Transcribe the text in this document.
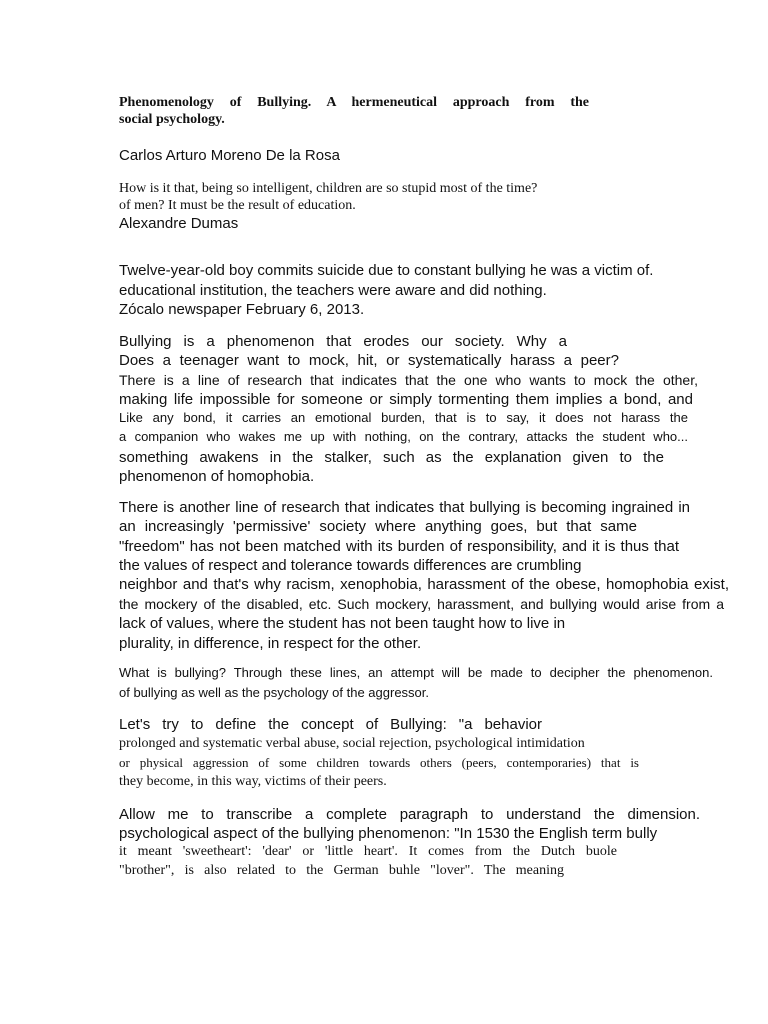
Phenomenology of Bullying. A hermeneutical approach from the
social psychology.
Carlos Arturo Moreno De la Rosa
How is it that, being so intelligent, children are so stupid most of the time?
of men? It must be the result of education.
Alexandre Dumas
Twelve-year-old boy commits suicide due to constant bullying he was a victim of.
educational institution, the teachers were aware and did nothing.
Zócalo newspaper February 6, 2013.
Bullying is a phenomenon that erodes our society. Why a
Does a teenager want to mock, hit, or systematically harass a peer?
There is a line of research that indicates that the one who wants to mock the other,
making life impossible for someone or simply tormenting them implies a bond, and
Like any bond, it carries an emotional burden, that is to say, it does not harass the
a companion who wakes me up with nothing, on the contrary, attacks the student who...
something awakens in the stalker, such as the explanation given to the
phenomenon of homophobia.
There is another line of research that indicates that bullying is becoming ingrained in
an increasingly 'permissive' society where anything goes, but that same
"freedom" has not been matched with its burden of responsibility, and it is thus that
the values of respect and tolerance towards differences are crumbling
neighbor and that's why racism, xenophobia, harassment of the obese, homophobia exist,
the mockery of the disabled, etc. Such mockery, harassment, and bullying would arise from a
lack of values, where the student has not been taught how to live in
plurality, in difference, in respect for the other.
What is bullying? Through these lines, an attempt will be made to decipher the phenomenon.
of bullying as well as the psychology of the aggressor.
Let's try to define the concept of Bullying: "a behavior
prolonged and systematic verbal abuse, social rejection, psychological intimidation
or physical aggression of some children towards others (peers, contemporaries) that is
they become, in this way, victims of their peers.
Allow me to transcribe a complete paragraph to understand the dimension.
psychological aspect of the bullying phenomenon: "In 1530 the English term bully
it meant 'sweetheart': 'dear' or 'little heart'. It comes from the Dutch buole
"brother", is also related to the German buhle "lover". The meaning
